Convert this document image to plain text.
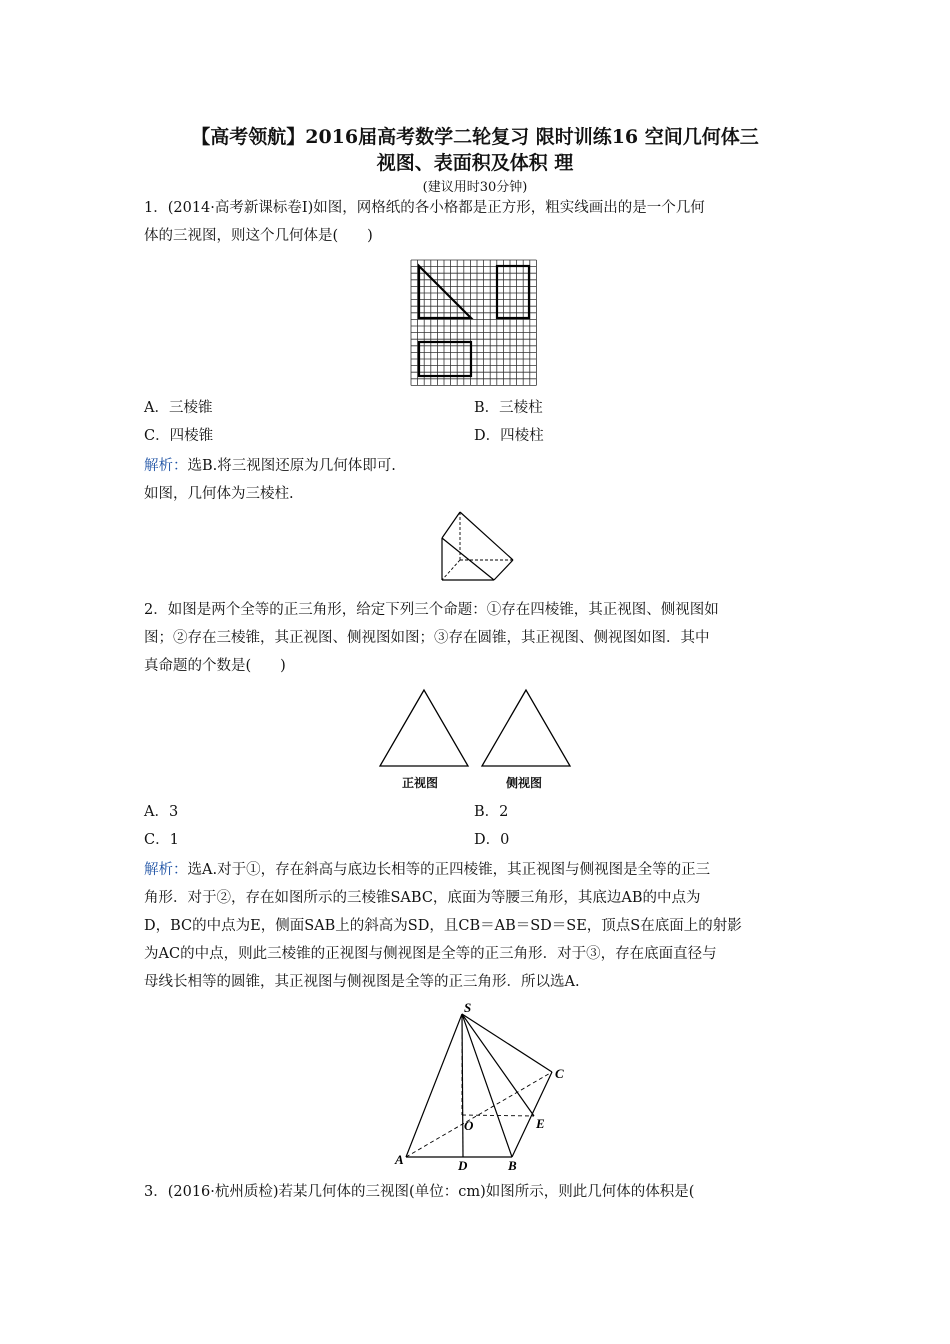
【高考领航】2016届高考数学二轮复习 限时训练16 空间几何体三
视图、表面积及体积 理
(建议用时30分钟)
1．(2014·高考新课标卷Ⅰ)如图，网格纸的各小格都是正方形，粗实线画出的是一个几何
体的三视图，则这个几何体是(　　)
A．三棱锥	B．三棱柱
C．四棱锥	D．四棱柱
解析：选B.将三视图还原为几何体即可.
如图，几何体为三棱柱.
2．如图是两个全等的正三角形，给定下列三个命题：①存在四棱锥，其正视图、侧视图如
图；②存在三棱锥，其正视图、侧视图如图；③存在圆锥，其正视图、侧视图如图．其中
真命题的个数是(　　)
正视图	侧视图
A．3	B．2
C．1	D．0
解析：选A.对于①，存在斜高与底边长相等的正四棱锥，其正视图与侧视图是全等的正三
角形．对于②，存在如图所示的三棱锥SABC，底面为等腰三角形，其底边AB的中点为
D，BC的中点为E，侧面SAB上的斜高为SD，且CB＝AB＝SD＝SE，顶点S在底面上的射影
为AC的中点，则此三棱锥的正视图与侧视图是全等的正三角形．对于③，存在底面直径与
母线长相等的圆锥，其正视图与侧视图是全等的正三角形．所以选A.
S
C
E
O
A	D	B
3．(2016·杭州质检)若某几何体的三视图(单位：cm)如图所示，则此几何体的体积是(
